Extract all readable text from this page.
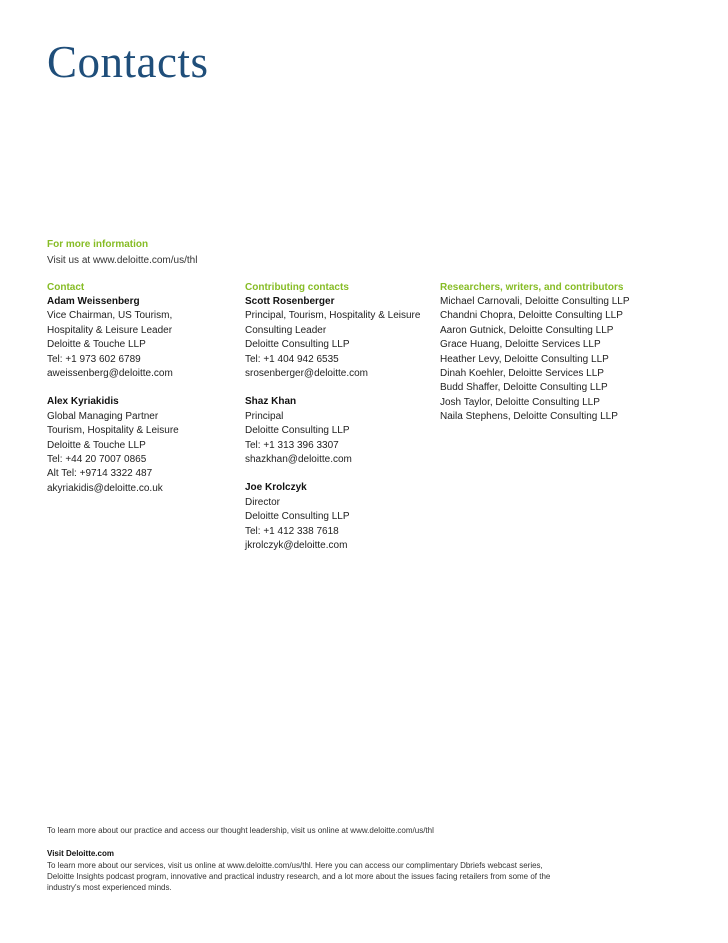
Contacts
For more information
Visit us at www.deloitte.com/us/thl
Contact
Adam Weissenberg
Vice Chairman, US Tourism,
Hospitality & Leisure Leader
Deloitte & Touche LLP
Tel: +1 973 602 6789
aweissenberg@deloitte.com
Alex Kyriakidis
Global Managing Partner
Tourism, Hospitality & Leisure
Deloitte & Touche LLP
Tel: +44 20 7007 0865
Alt Tel: +9714 3322 487
akyriakidis@deloitte.co.uk
Contributing contacts
Scott Rosenberger
Principal, Tourism, Hospitality & Leisure
Consulting Leader
Deloitte Consulting LLP
Tel: +1 404 942 6535
srosenberger@deloitte.com
Shaz Khan
Principal
Deloitte Consulting LLP
Tel: +1 313 396 3307
shazkhan@deloitte.com
Joe Krolczyk
Director
Deloitte Consulting LLP
Tel: +1 412 338 7618
jkrolczyk@deloitte.com
Researchers, writers, and contributors
Michael Carnovali, Deloitte Consulting LLP
Chandni Chopra, Deloitte Consulting LLP
Aaron Gutnick, Deloitte Consulting LLP
Grace Huang, Deloitte Services LLP
Heather Levy, Deloitte Consulting LLP
Dinah Koehler, Deloitte Services LLP
Budd Shaffer, Deloitte Consulting LLP
Josh Taylor, Deloitte Consulting LLP
Naila Stephens, Deloitte Consulting LLP
To learn more about our practice and access our thought leadership, visit us online at www.deloitte.com/us/thl
Visit Deloitte.com
To learn more about our services, visit us online at www.deloitte.com/us/thl. Here you can access our complimentary Dbriefs webcast series,
Deloitte Insights podcast program, innovative and practical industry research, and a lot more about the issues facing retailers from some of the
industry's most experienced minds.
